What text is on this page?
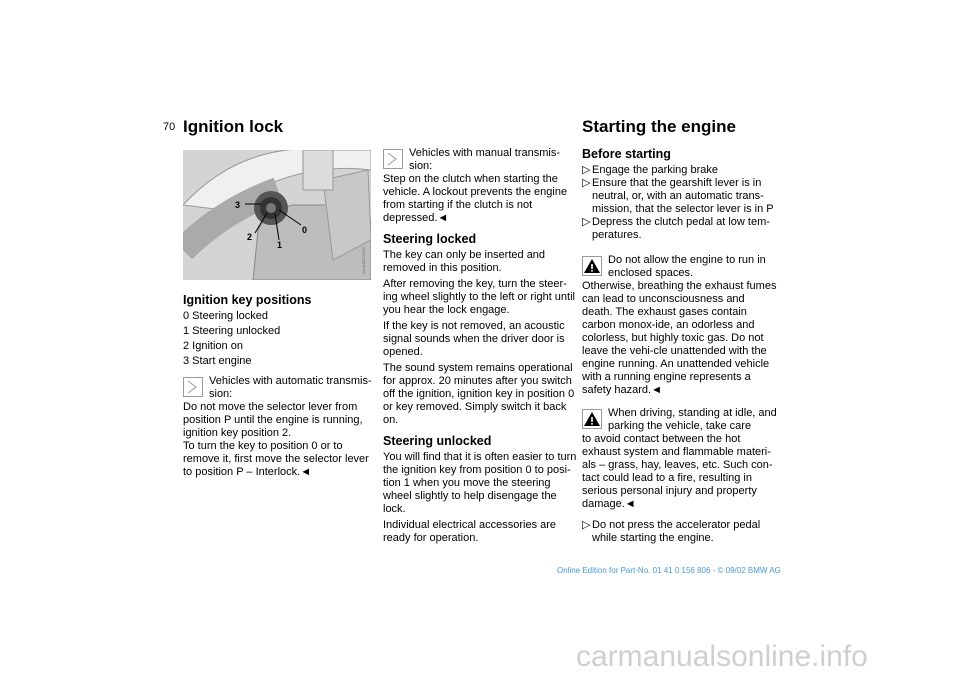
70 Ignition lock	Starting the engine
3
2
1
0
WI-A4ATLXDN
Ignition key positions
0 Steering locked
1 Steering unlocked
2 Ignition on
3 Start engine
Vehicles with automatic transmis-sion:
Do not move the selector lever from position P until the engine is running, ignition key position 2.
To turn the key to position 0 or to remove it, first move the selector lever to position P – Interlock.◄
Vehicles with manual transmis-sion:

Step on the clutch when starting the vehicle. A lockout prevents the engine from starting if the clutch is not depressed.◄

Steering locked

The key can only be inserted and removed in this position.

After removing the key, turn the steer-ing wheel slightly to the left or right until you hear the lock engage.

If the key is not removed, an acoustic signal sounds when the driver door is opened.

The sound system remains operational for approx. 20 minutes after you switch off the ignition, ignition key in position 0 or key removed. Simply switch it back on.

Steering unlocked

You will find that it is often easier to turn the ignition key from position 0 to posi-tion 1 when you move the steering wheel slightly to help disengage the lock.

Individual electrical accessories are ready for operation.

Before starting
▷ Engage the parking brake
▷ Ensure that the gearshift lever is in neutral, or, with an automatic trans-mission, that the selector lever is in P
▷ Depress the clutch pedal at low tem-peratures.
Do not allow the engine to run in enclosed spaces.

Otherwise, breathing the exhaust fumes can lead to unconsciousness and death. The exhaust gases contain carbon monox-ide, an odorless and colorless, but highly toxic gas. Do not leave the vehi-cle unattended with the engine running. An unattended vehicle with a running engine represents a safety hazard.◄

When driving, standing at idle, and parking the vehicle, take care

to avoid contact between the hot exhaust system and flammable materi-als – grass, hay, leaves, etc. Such con-tact could lead to a fire, resulting in serious personal injury and property damage.◄

▷ Do not press the accelerator pedal while starting the engine.
Online Edition for Part-No. 01 41 0 156 806 - © 09/02 BMW AG
carmanualsonline.info
